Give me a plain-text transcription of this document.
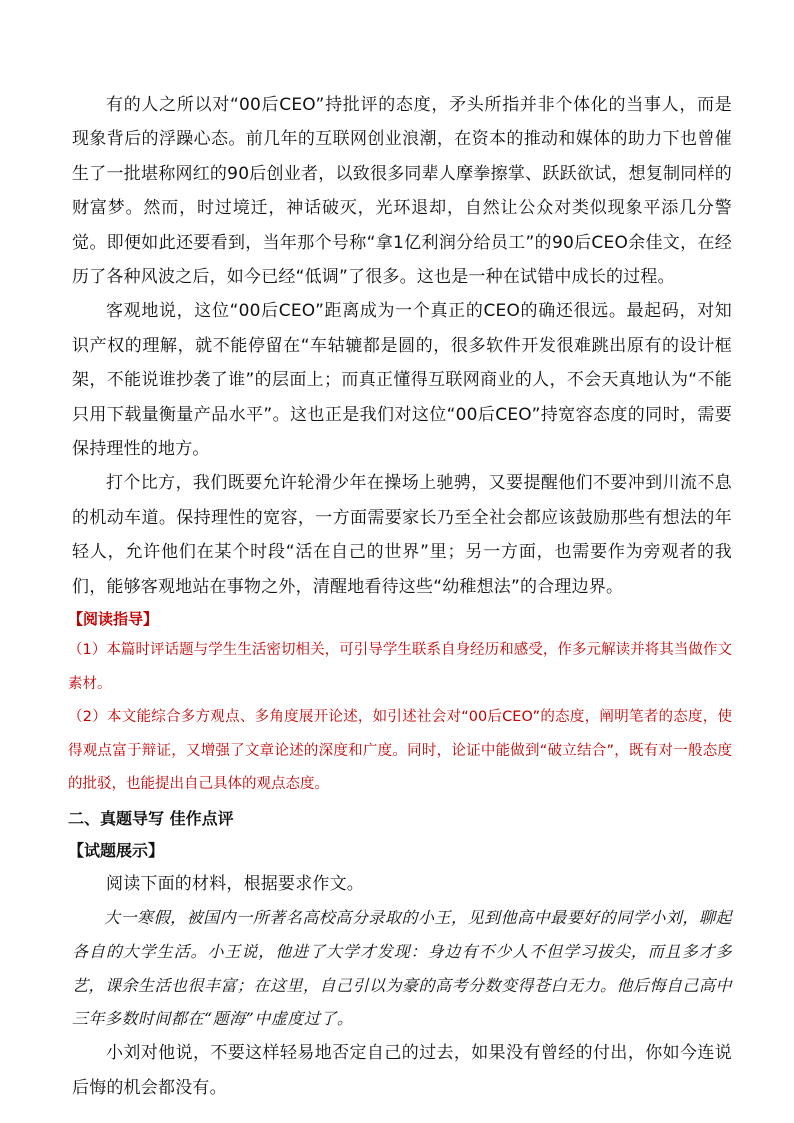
有的人之所以对“00后CEO”持批评的态度，矛头所指并非个体化的当事人，而是现象背后的浮躁心态。前几年的互联网创业浪潮，在资本的推动和媒体的助力下也曾催生了一批堪称网红的90后创业者，以致很多同辈人摩拳擦掌、跃跃欲试，想复制同样的财富梦。然而，时过境迁，神话破灭，光环退却，自然让公众对类似现象平添几分警觉。即便如此还要看到，当年那个号称“拿1亿利润分给员工”的90后CEO余佳文，在经历了各种风波之后，如今已经“低调”了很多。这也是一种在试错中成长的过程。

客观地说，这位“00后CEO”距离成为一个真正的CEO的确还很远。最起码，对知识产权的理解，就不能停留在“车轱辘都是圆的，很多软件开发很难跳出原有的设计框架，不能说谁抄袭了谁”的层面上；而真正懂得互联网商业的人，不会天真地认为“不能只用下载量衡量产品水平”。这也正是我们对这位“00后CEO”持宽容态度的同时，需要保持理性的地方。

打个比方，我们既要允许轮滑少年在操场上驰骋，又要提醒他们不要冲到川流不息的机动车道。保持理性的宽容，一方面需要家长乃至全社会都应该鼓励那些有想法的年轻人，允许他们在某个时段“活在自己的世界”里；另一方面，也需要作为旁观者的我们，能够客观地站在事物之外，清醒地看待这些“幼稚想法”的合理边界。

【阅读指导】

（1）本篇时评话题与学生生活密切相关，可引导学生联系自身经历和感受，作多元解读并将其当做作文素材。

（2）本文能综合多方观点、多角度展开论述，如引述社会对“00后CEO”的态度，阐明笔者的态度，使得观点富于辩证，又增强了文章论述的深度和广度。同时，论证中能做到“破立结合”，既有对一般态度的批驳，也能提出自己具体的观点态度。

二、真题导写 佳作点评

【试题展示】

阅读下面的材料，根据要求作文。

大一寒假，被国内一所著名高校高分录取的小王，见到他高中最要好的同学小刘，聊起各自的大学生活。小王说，他进了大学才发现：身边有不少人不但学习拔尖，而且多才多艺，课余生活也很丰富；在这里，自己引以为豪的高考分数变得苍白无力。他后悔自己高中三年多数时间都在“题海”中虚度过了。

小刘对他说，不要这样轻易地否定自己的过去，如果没有曾经的付出，你如今连说后悔的机会都没有。
